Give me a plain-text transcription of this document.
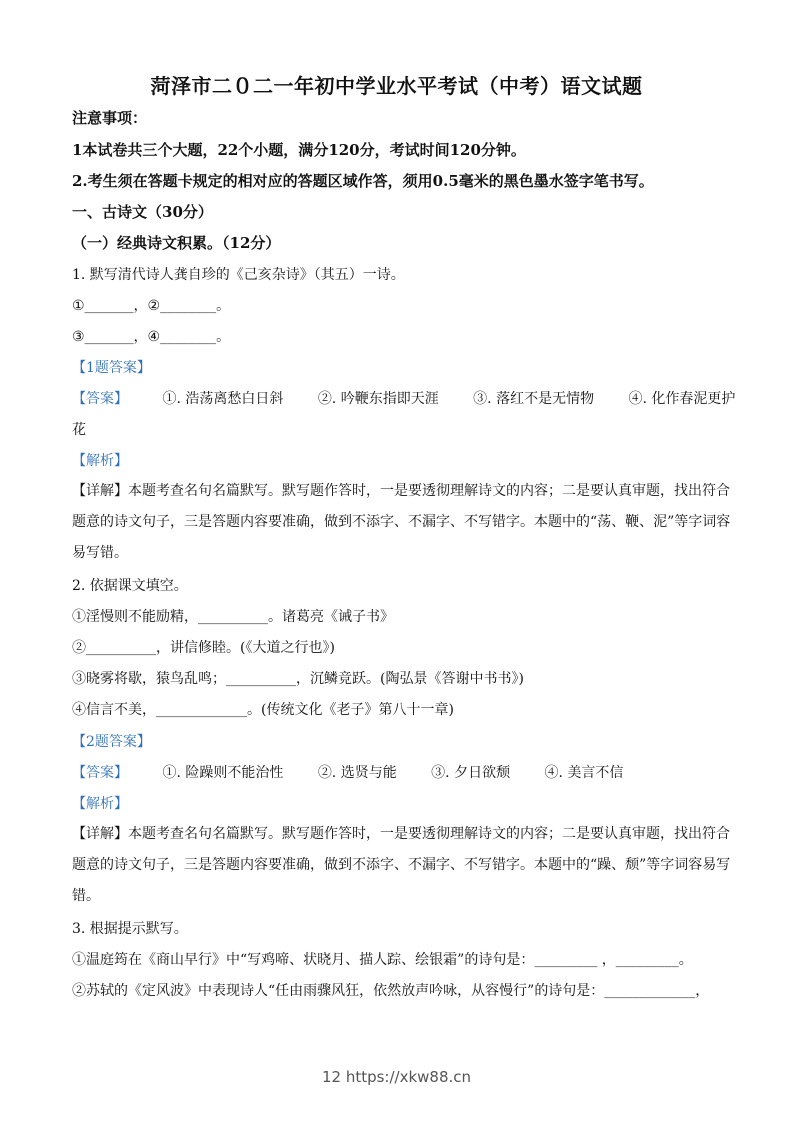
菏泽市二０二一年初中学业水平考试（中考）语文试题
注意事项：
1本试卷共三个大题，22个小题，满分120分，考试时间120分钟。
2.考生须在答题卡规定的相对应的答题区域作答，须用0.5毫米的黑色墨水签字笔书写。
一、古诗文（30分）
（一）经典诗文积累。（12分）
1. 默写清代诗人龚自珍的《己亥杂诗》（其五）一诗。
①_______，②________。
③_______，④________。
【1题答案】
【答案】 ①. 浩荡离愁白日斜 ②. 吟鞭东指即天涯 ③. 落红不是无情物 ④. 化作春泥更护
花
【解析】
【详解】本题考查名句名篇默写。默写题作答时，一是要透彻理解诗文的内容；二是要认真审题，找出符合题意的诗文句子，三是答题内容要准确，做到不添字、不漏字、不写错字。本题中的“荡、鞭、泥”等字词容易写错。
2. 依据课文填空。
①淫慢则不能励精，__________。诸葛亮《诫子书》
②__________，讲信修睦。(《大道之行也》)
③晓雾将歇，猿鸟乱鸣；__________，沉鳞竞跃。(陶弘景《答谢中书书》)
④信言不美，_____________。(传统文化《老子》第八十一章)
【2题答案】
【答案】 ①. 险躁则不能治性 ②. 选贤与能 ③. 夕日欲颓 ④. 美言不信
【解析】
【详解】本题考查名句名篇默写。默写题作答时，一是要透彻理解诗文的内容；二是要认真审题，找出符合题意的诗文句子，三是答题内容要准确，做到不添字、不漏字、不写错字。本题中的“躁、颓”等字词容易写错。
3. 根据提示默写。
①温庭筠在《商山早行》中“写鸡啼、状晓月、描人踪、绘银霜”的诗句是：_________ ，_________。
②苏轼的《定风波》中表现诗人“任由雨骤风狂，依然放声吟咏，从容慢行”的诗句是：_____________，
12 https://xkw88.cn
